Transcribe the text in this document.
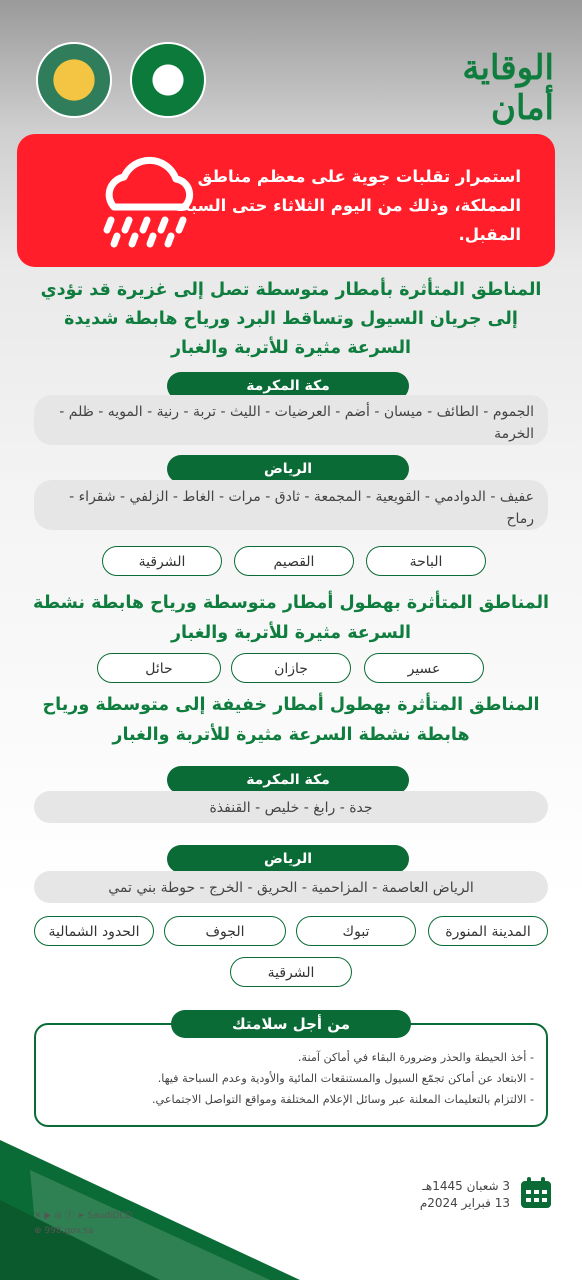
الوقاية أمان
استمرار تقلبات جوية على معظم مناطق المملكة، وذلك من اليوم الثلاثاء حتى السبت المقبل.
المناطق المتأثرة بأمطار متوسطة تصل إلى غزيرة قد تؤدي إلى جريان السيول وتساقط البرد ورياح هابطة شديدة السرعة مثيرة للأتربة والغبار
مكة المكرمة
الجموم - الطائف - ميسان - أضم - العرضيات - الليث - تربة - رنية - المويه - ظلم - الخرمة
الرياض
عفيف - الدوادمي - القويعية - المجمعة - ثادق - مرات - الغاط - الزلفي - شقراء - رماح
الباحة
القصيم
الشرقية
المناطق المتأثرة بهطول أمطار متوسطة ورياح هابطة نشطة السرعة مثيرة للأتربة والغبار
عسير
جازان
حائل
المناطق المتأثرة بهطول أمطار خفيفة إلى متوسطة ورياح هابطة نشطة السرعة مثيرة للأتربة والغبار
مكة المكرمة
جدة - رابغ - خليص - القنفذة
الرياض
الرياض العاصمة - المزاحمية - الحريق - الخرج - حوطة بني تمي
المدينة المنورة
تبوك
الجوف
الحدود الشمالية
الشرقية
- أخذ الحيطة والحذر وضرورة البقاء في أماكن آمنة.
- الابتعاد عن أماكن تجمّع السيول والمستنقعات المائية والأودية وعدم السباحة فيها.
- الالتزام بالتعليمات المعلنة عبر وسائل الإعلام المختلفة ومواقع التواصل الاجتماعي.
من أجل سلامتك
3 شعبان 1445هـ
13 فبراير 2024م
✕ ▶ ◎ ⓕ ➤ SaudiDCD
⊕ 998.gov.sa
